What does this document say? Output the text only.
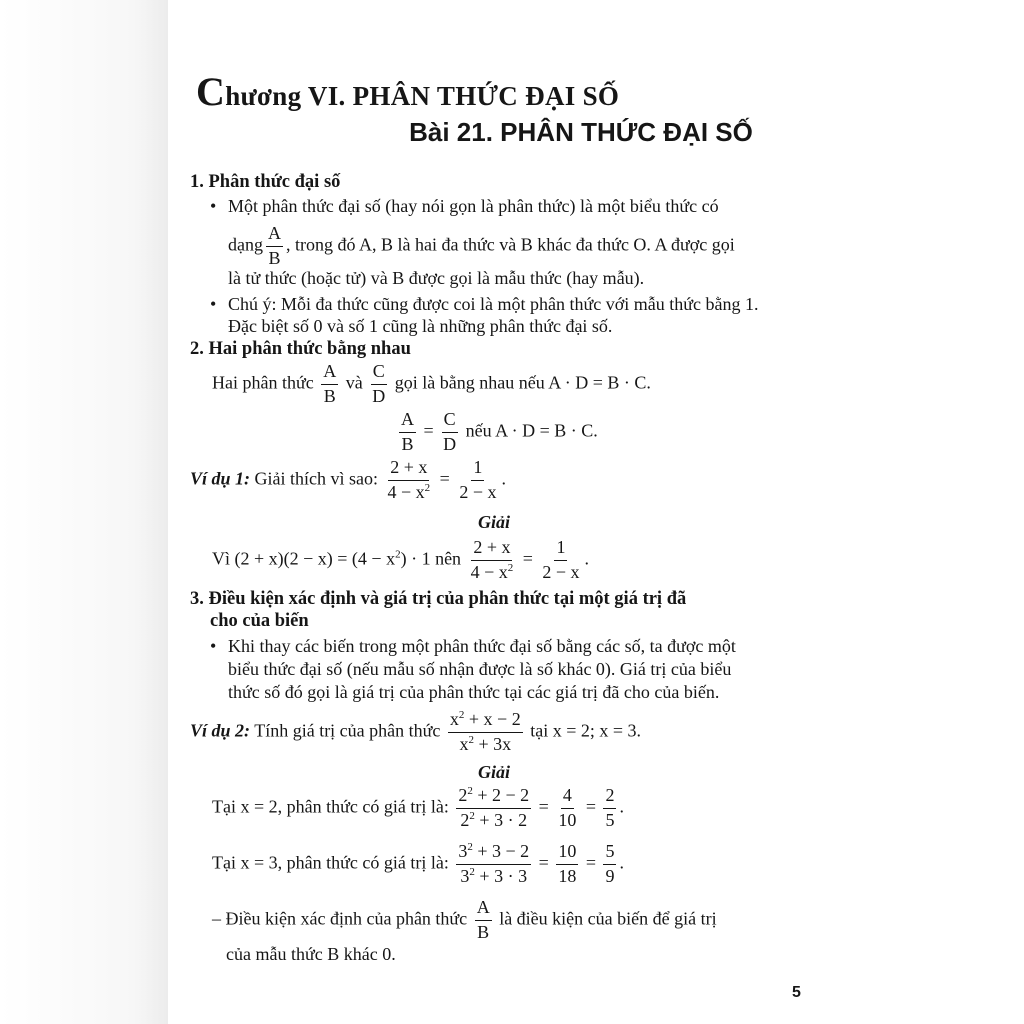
Chương VI. PHÂN THỨC ĐẠI SỐ
Bài 21. PHÂN THỨC ĐẠI SỐ
1. Phân thức đại số
• Một phân thức đại số (hay nói gọn là phân thức) là một biểu thức có
dạng $\frac{A}{B}$ , trong đó A, B là hai đa thức và B khác đa thức O. A được gọi
là tử thức (hoặc tử) và B được gọi là mẫu thức (hay mẫu).
• Chú ý: Mỗi đa thức cũng được coi là một phân thức với mẫu thức bằng 1.
Đặc biệt số 0 và số 1 cũng là những phân thức đại số.
2. Hai phân thức bằng nhau
Hai phân thức $\frac{A}{B}$ và $\frac{C}{D}$ gọi là bằng nhau nếu A · D = B · C.
$\frac{A}{B} = \frac{C}{D}$ nếu A · D = B · C.
Ví dụ 1: Giải thích vì sao: $\frac{2 + x}{4 - x^2} = \frac{1}{2 - x}$ .
Giải
Vì $(2 + x)(2 - x) = (4 - x^2) \cdot 1$ nên $\frac{2 + x}{4 - x^2} = \frac{1}{2 - x}$ .
3. Điều kiện xác định và giá trị của phân thức tại một giá trị đã
cho của biến
• Khi thay các biến trong một phân thức đại số bằng các số, ta được một
biểu thức đại số (nếu mẫu số nhận được là số khác 0). Giá trị của biểu
thức số đó gọi là giá trị của phân thức tại các giá trị đã cho của biến.
Ví dụ 2: Tính giá trị của phân thức $\frac{x^2 + x - 2}{x^2 + 3x}$ tại x = 2; x = 3.
Giải
Tại x = 2, phân thức có giá trị là: $\frac{2^2 + 2 - 2}{2^2 + 3 \cdot 2} = \frac{4}{10} = \frac{2}{5}$ .
Tại x = 3, phân thức có giá trị là: $\frac{3^2 + 3 - 2}{3^2 + 3 \cdot 3} = \frac{10}{18} = \frac{5}{9}$ .
– Điều kiện xác định của phân thức $\frac{A}{B}$ là điều kiện của biến để giá trị
của mẫu thức B khác 0.
5
